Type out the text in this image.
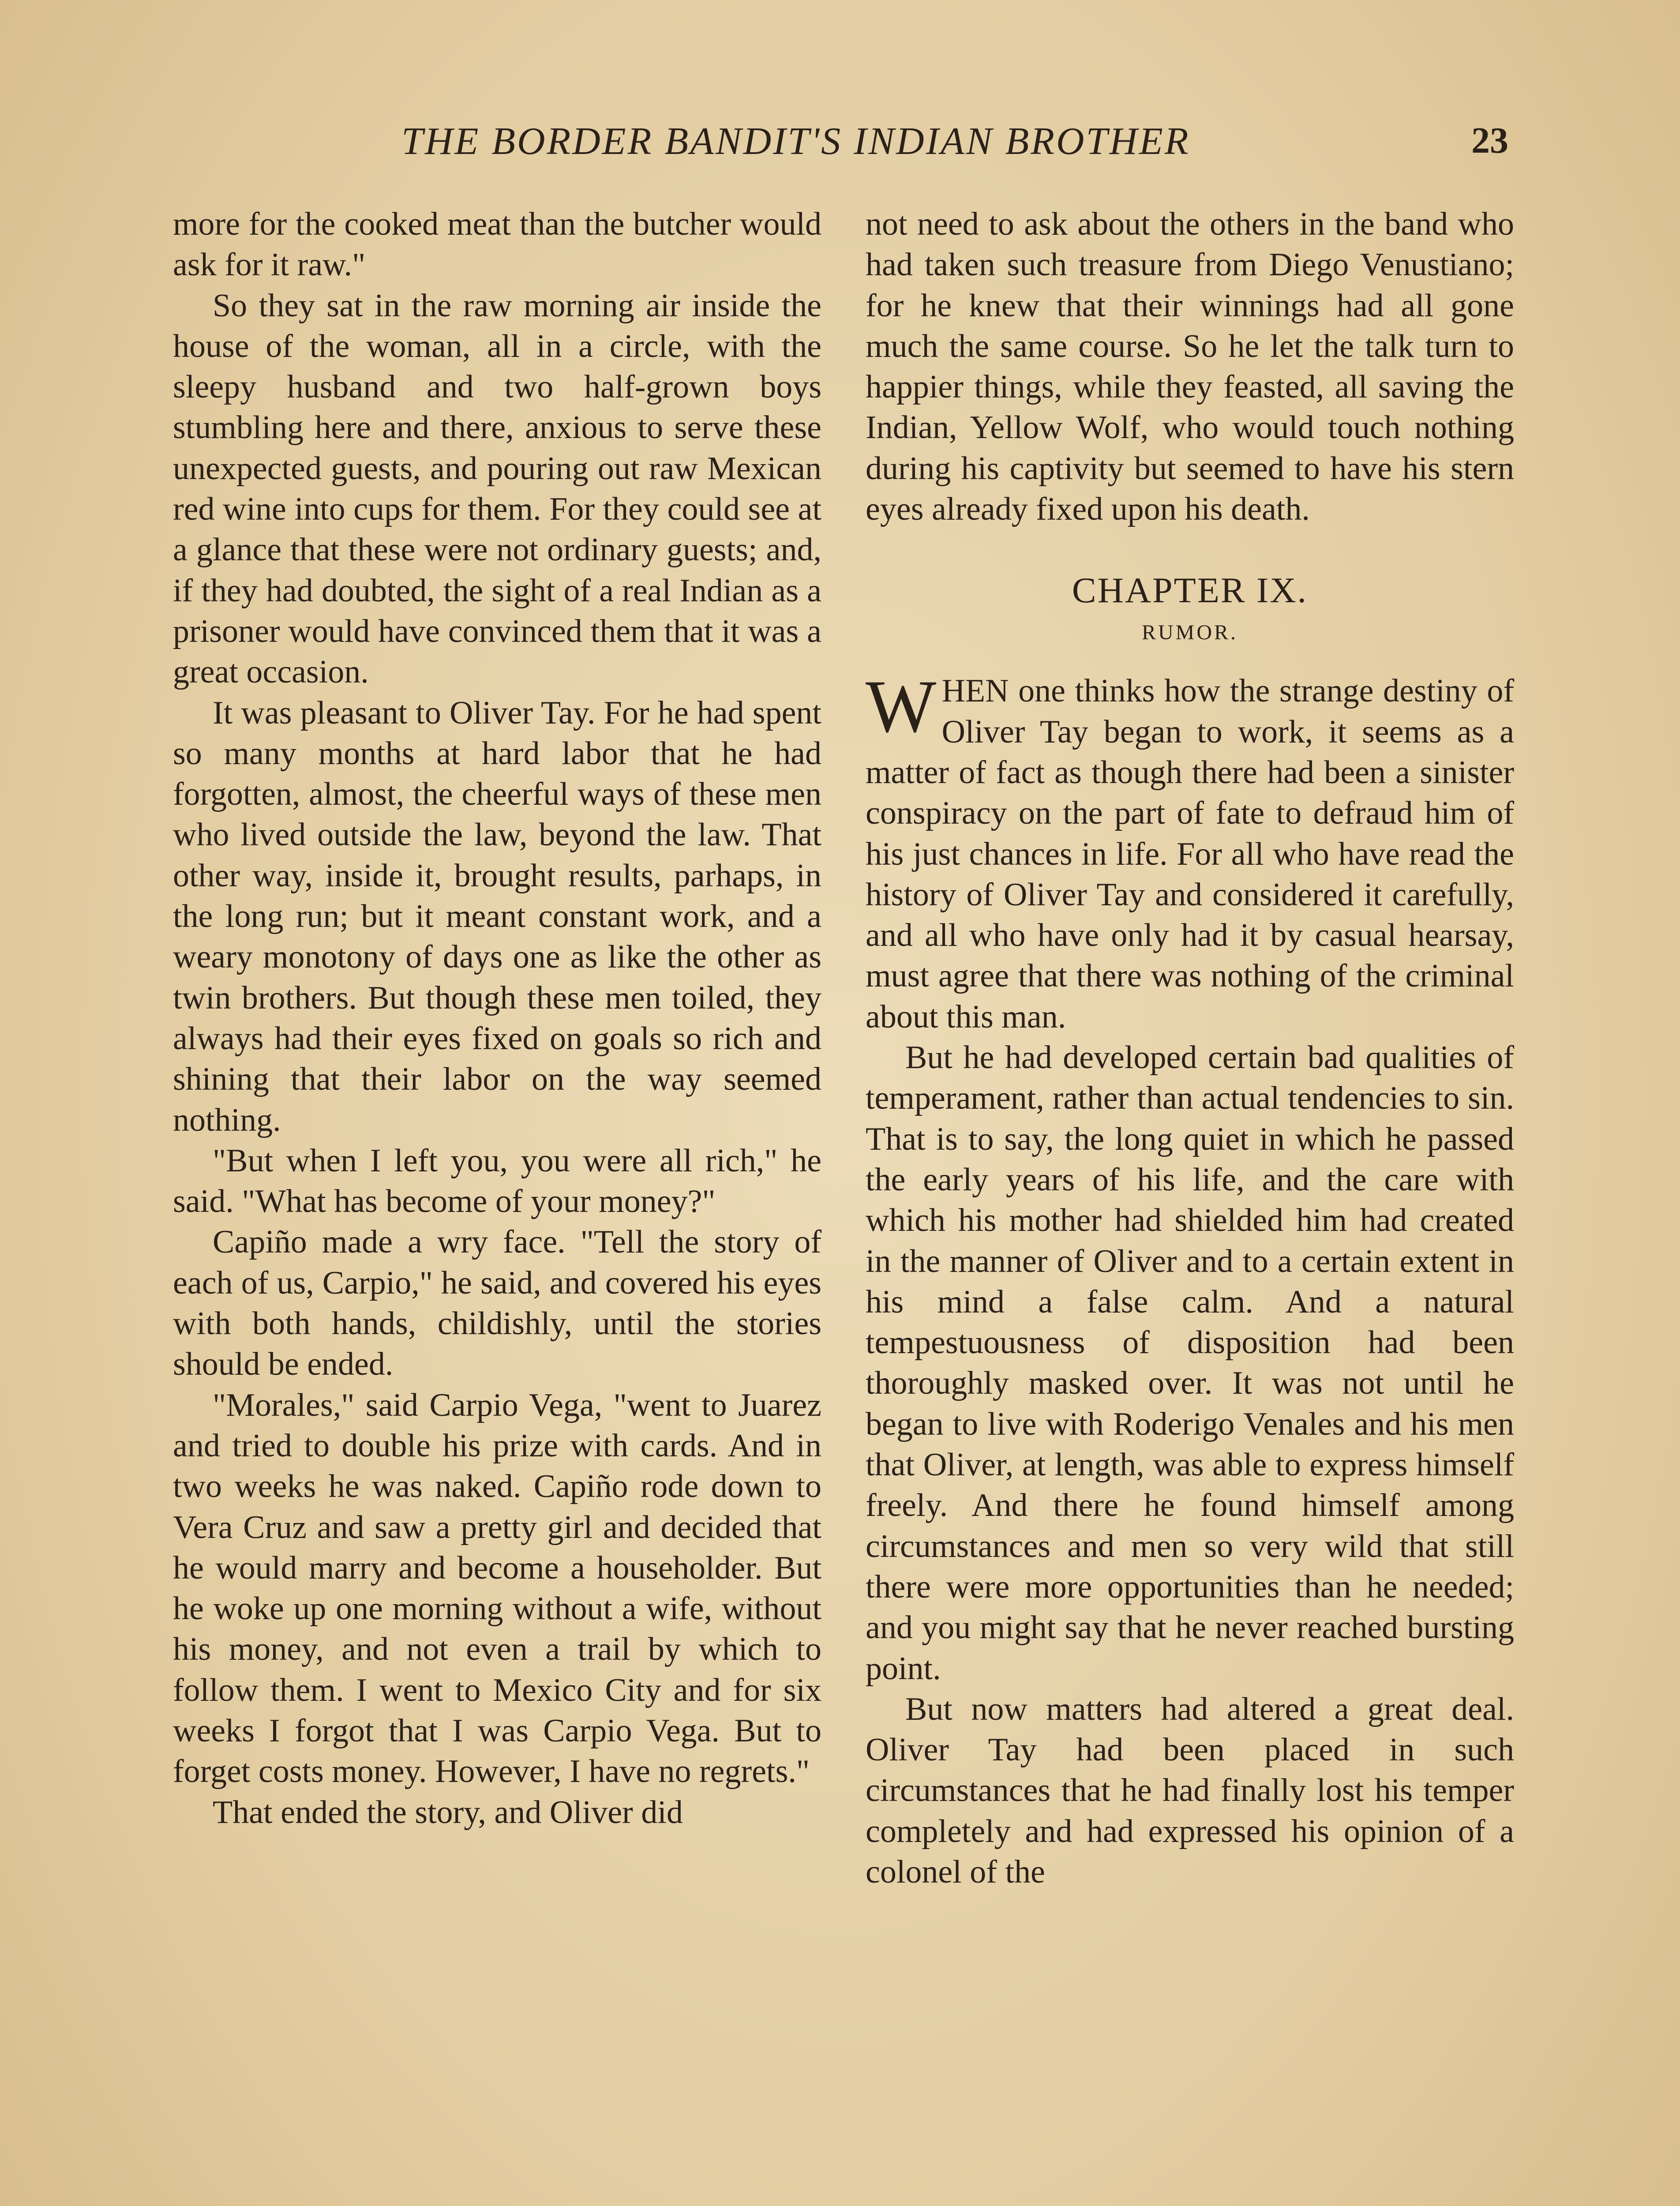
THE BORDER BANDIT'S INDIAN BROTHER	23

more for the cooked meat than the butcher would ask for it raw."

So they sat in the raw morning air inside the house of the woman, all in a circle, with the sleepy husband and two half-grown boys stumbling here and there, anxious to serve these unexpected guests, and pouring out raw Mexican red wine into cups for them. For they could see at a glance that these were not ordinary guests; and, if they had doubted, the sight of a real Indian as a prisoner would have convinced them that it was a great occasion.

It was pleasant to Oliver Tay. For he had spent so many months at hard labor that he had forgotten, almost, the cheerful ways of these men who lived outside the law, beyond the law. That other way, inside it, brought results, parhaps, in the long run; but it meant constant work, and a weary monotony of days one as like the other as twin brothers. But though these men toiled, they always had their eyes fixed on goals so rich and shining that their labor on the way seemed nothing.

"But when I left you, you were all rich," he said. "What has become of your money?"

Capiño made a wry face. "Tell the story of each of us, Carpio," he said, and covered his eyes with both hands, childishly, until the stories should be ended.

"Morales," said Carpio Vega, "went to Juarez and tried to double his prize with cards. And in two weeks he was naked. Capiño rode down to Vera Cruz and saw a pretty girl and decided that he would marry and become a householder. But he woke up one morning without a wife, without his money, and not even a trail by which to follow them. I went to Mexico City and for six weeks I forgot that I was Carpio Vega. But to forget costs money. However, I have no regrets."

That ended the story, and Oliver did

not need to ask about the others in the band who had taken such treasure from Diego Venustiano; for he knew that their winnings had all gone much the same course. So he let the talk turn to happier things, while they feasted, all saving the Indian, Yellow Wolf, who would touch nothing during his captivity but seemed to have his stern eyes already fixed upon his death.

CHAPTER IX.
RUMOR.

WHEN one thinks how the strange destiny of Oliver Tay began to work, it seems as a matter of fact as though there had been a sinister conspiracy on the part of fate to defraud him of his just chances in life. For all who have read the history of Oliver Tay and considered it carefully, and all who have only had it by casual hearsay, must agree that there was nothing of the criminal about this man.

But he had developed certain bad qualities of temperament, rather than actual tendencies to sin. That is to say, the long quiet in which he passed the early years of his life, and the care with which his mother had shielded him had created in the manner of Oliver and to a certain extent in his mind a false calm. And a natural tempestuousness of disposition had been thoroughly masked over. It was not until he began to live with Roderigo Venales and his men that Oliver, at length, was able to express himself freely. And there he found himself among circumstances and men so very wild that still there were more opportunities than he needed; and you might say that he never reached bursting point.

But now matters had altered a great deal. Oliver Tay had been placed in such circumstances that he had finally lost his temper completely and had expressed his opinion of a colonel of the
